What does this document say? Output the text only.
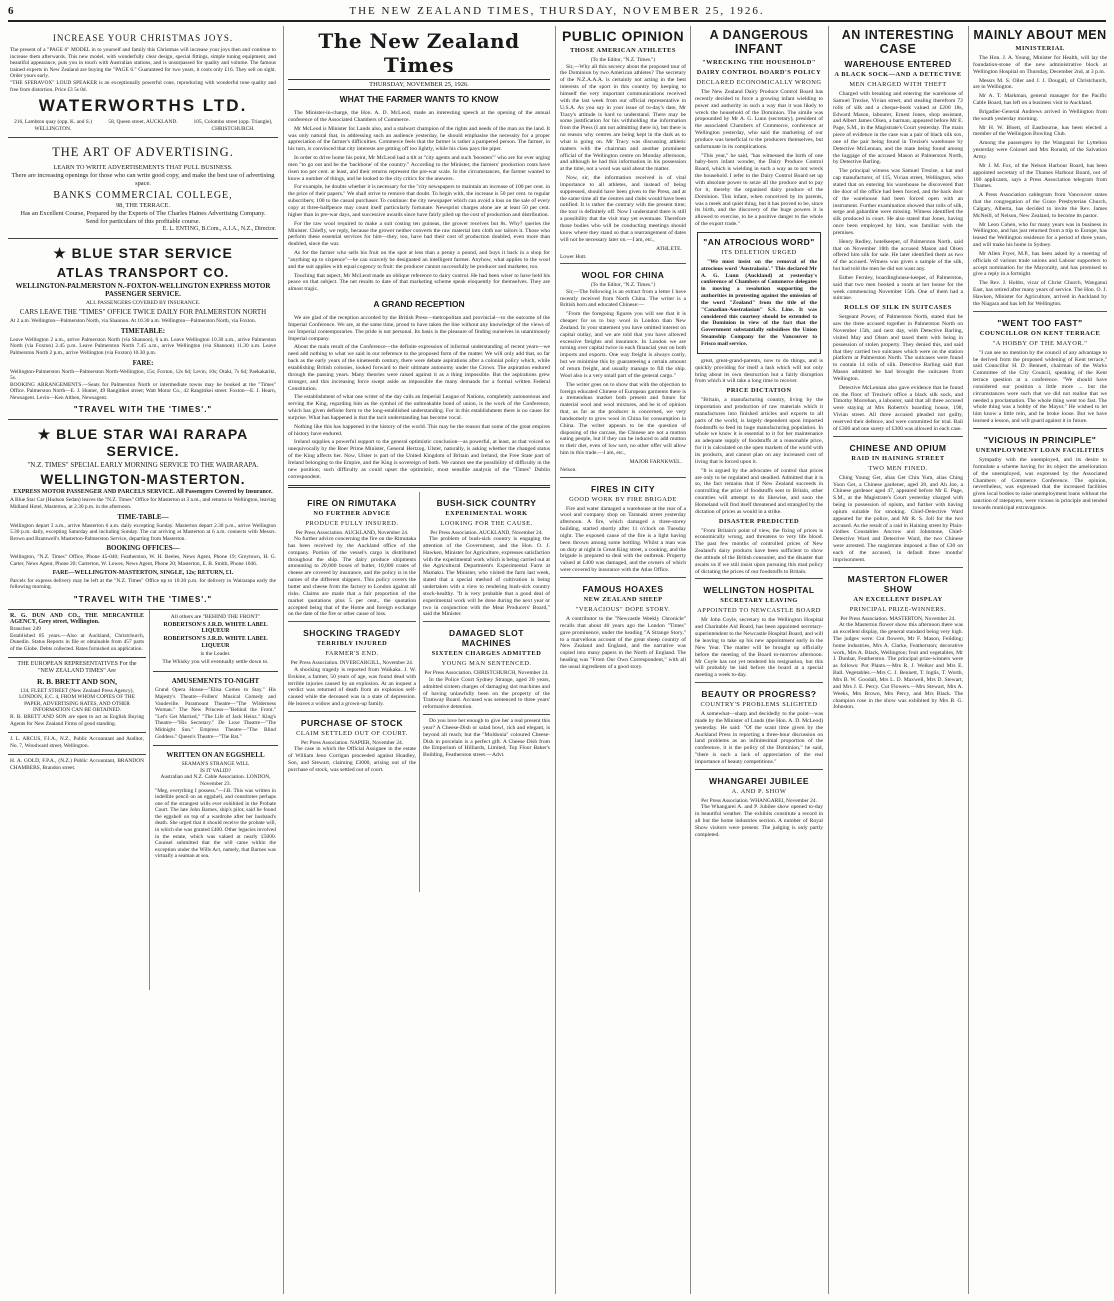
6	THE NEW ZEALAND TIMES, THURSDAY, NOVEMBER 25, 1926.
INCREASE YOUR CHRISTMAS JOYS.

The present of a "PAGE 6" MODEL in to yourself and family this Christmas will increase your joys then and continue to increase them afterwards. This new model, with wonderfully clear design, special fittings, simple tuning equipment, and beautiful appearance, puts you in touch with Australian stations, and is unsurpassed for quality and volume. The famous trained experts in New Zealand are buying the "PAGE 6." Guaranteed for two years, it costs only £16. They sell on sight. Order yours early.

"THE SFERAVOX" LOUD SPEAKER is an exceptionally powerful cone, reproducing with wonderful tone quality and free from distortion. Price £3 5s 0d.

WATERWORTHS LTD.

216, Lambton quay (opp. K. and S.) WELLINGTON.

58, Queen street, AUCKLAND.	105, Colombo street (opp. Triangle), CHRISTCHURCH.

THE ART OF ADVERTISING.

LEARN TO WRITE ADVERTISEMENTS THAT PULL BUSINESS.

There are increasing openings for those who can write good copy, and make the best use of advertising space.

BANKS COMMERCIAL COLLEGE,

98, THE TERRACE.

Has an Excellent Course, Prepared by the Experts of The Charles Haines Advertising Company.

Send for particulars of this profitable course.

E. L. ENTING, B.Com., A.I.A., N.Z., Director.

★ BLUE STAR SERVICE
ATLAS TRANSPORT CO.

WELLINGTON-PALMERSTON N.-FOXTON-WELLINGTON EXPRESS MOTOR PASSENGER SERVICE.

ALL PASSENGERS COVERED BY INSURANCE.

CARS LEAVE THE "TIMES" OFFICE TWICE DAILY FOR PALMERSTON NORTH

At 2 a.m. Wellington—Palmerston North, via Shannon. At 10.30 a.m. Wellington—Palmerston North, via Foxton.

TIMETABLE:

Leave Wellington 2 a.m., arrive Palmerston North (via Shannon), 6 a.m. Leave Wellington 10.30 a.m., arrive Palmerston North (via Foxton) 2.45 p.m. Leave Palmerston North 7.45 a.m., arrive Wellington (via Shannon) 11.30 a.m. Leave Palmerston North 2 p.m., arrive Wellington (via Foxton) 10.30 p.m.

FARE:

Wellington-Palmerston North—Palmerston North-Wellington, 15s; Foxton, 12s 6d; Levin, 10s; Otaki, 7s 6d; Paekakariki, 5s.

BOOKING ARRANGEMENTS.—Seats for Palmerston North or intermediate towns may be booked at the "Times" Office. Palmerston North—E. J. Hunter, 49 Rangitikei street; Watt Motor Co., 42 Rangitikei street. Foxton—E. J. Hearn, Newsagent. Levin—Ken Althen, Newsagent.

"TRAVEL WITH THE 'TIMES'."
★ BLUE STAR WAI RARAPA SERVICE.

"N.Z. TIMES" SPECIAL EARLY MORNING SERVICE TO THE WAIRARAPA.

WELLINGTON-MASTERTON.

EXPRESS MOTOR PASSENGER AND PARCELS SERVICE. All Passengers Covered by Insurance.

A Blue Star Car (Hudson Sedan) leaves the "N.Z. Times" Office for Masterton at 3 a.m., and returns to Wellington, leaving Midland Hotel, Masterton, at 2.30 p.m. in the afternoon.

TIME-TABLE—

Wellington depart 3 a.m., arrive Masterton 6 a.m. daily excepting Sunday. Masterton depart 2.30 p.m., arrive Wellington 5.30 p.m. daily, excepting Saturday and including Sunday. The car arriving at Masterton at 6 a.m. connects with Messrs. Brown and Bramwell's Masterton-Palmerston Service, departing from Masterton.

BOOKING OFFICES—

Wellington, "N.Z. Times" Office, Phone 45-040; Featherston, W. H. Beeles, News Agent, Phone 19; Greytown, H. G. Carter, News Agent, Phone 20; Carterton, W. Lowes, News Agent, Phone 20; Masterton, E. B. Smith, Phone 1046.

FARE—WELLINGTON-MASTERTON, SINGLE, 12s; RETURN, £1.

Parcels for express delivery may be left at the "N.Z. Times" Office up to 10.30 p.m. for delivery in Wairarapa early the following morning.

"TRAVEL WITH THE 'TIMES'."

R. G. DUN AND CO., THE MERCANTILE AGENCY, Grey street, Wellington.

Branches: 249

Established 85 years.—Also at Auckland, Christchurch, Dunedin. Status Reports in file or obtainable from 457 parts of the Globe. Debts collected. Rates furnished on application.

THE EUROPEAN REPRESENTATIVES For the "NEW ZEALAND TIMES" Are

R. B. BRETT AND SON,

134, FLEET STREET (New Zealand Press Agency), LONDON, E.C. 4, FROM WHOM COPIES OF THE PAPER, ADVERTISING RATES, AND OTHER INFORMATION CAN BE OBTAINED.

R. B. BRETT AND SON are open to act as English Buying Agents for New Zealand Firms of good standing.

J. L. ARCUS, F.I.A., N.Z., Public Accountant and Auditor, No. 7, Woodward street, Wellington.

H. A. GOLD, F.P.A., (N.Z.) Public Accountant, BRANDON CHAMBERS, Brandon street.

All others are "BEHIND THE FRONT"

ROBERTSON'S J.R.D. WHITE LABEL LIQUEUR

ROBERTSON'S J.R.D. WHITE LABEL LIQUEUR

is the Leader.

The Whisky you will eventually settle down to.

AMUSEMENTS TO-NIGHT

Grand Opera House—"Elisa Comes to Stay." His Majesty's Theatre—Fullers' Musical Comedy and Vaudeville. Paramount Theatre—"The Wilderness Woman." The New Princess—"Behind the Front." "Let's Get Married," "The Life of Jack Heinz." King's Theatre—"His Secretary." De Luxe Theatre—"The Midnight Sun." Empress Theatre—"The Blind Goddess." Queen's Theatre—"The Bat."

WRITTEN ON AN EGGSHELL

SEAMAN'S STRANGE WILL

IS IT VALID?

Australian and N.Z. Cable Association. LONDON, November 23.

"Meg, everything I possess."—J.B. This was written in indelible pencil on an eggshell, and constitutes perhaps one of the strangest wills ever exhibited in the Probate Court. The late John Barnes, ship's pilot, said he found the eggshell on top of a wardrobe after her husband's death. She urged that it should receive the probate will, in which she was granted £400. Other legacies involved in the estate, which was valued at nearly £5000. Counsel submitted that the will came within the exception under the Wills Act, namely, that Barnes was virtually a seaman at sea.

The New Zealand Times
THURSDAY, NOVEMBER 25, 1926.
WHAT THE FARMER WANTS TO KNOW

The Minister-in-charge, the Hon. A. D. McLeod, made an interesting speech at the opening of the annual conference of the Associated Chambers of Commerce.

Mr McLeod is Minister for Lands also, and a stalwart champion of the rights and needs of the man on the land. It was only natural that, in addressing such an audience yesterday, he should emphasise the necessity for a proper appreciation of the farmer's difficulties. Commerce feels that the farmer is rather a pampered person. The farmer, in his turn, is convinced that city interests are getting off too lightly, while his class pays the piper.

In order to drive home his point, Mr McLeod had a tilt at "city agents and such 'boosters'" who are for ever urging men "to go out and be the 'backbone' of the country." According to the Minister, the farmers' production costs have risen too per cent. at least, and their returns represent the pre-war scale. In the circumstances, the farmer wanted to know a number of things, and he looked to the city critics for the answers.

For example, he doubts whether it is necessary for the "city newspapers to maintain an increase of 100 per cent. in the price of their papers." We shall strive to remove that doubt. To begin with, the increase is 50 per cent. to regular subscribers; 100 to the casual purchaser. To continue: the city newspaper which can avoid a loss on the sale of every copy at three-halfpence may count itself particularly fortunate. Newsprint charges alone are at least 50 per cent. higher than in pre-war days, and successive awards since have fairly piled up the cost of production and distribution.

For the raw wool required to make a suit costing ten guineas, the grower receives but 8s. Why? queries the Minister. Chiefly, we reply, because the grower neither converts the raw material into cloth nor tailors it. Those who perform these essential services for him—they, too, have had their cost of production doubled, even more than doubled, since the war.

As for the farmer who sells his fruit on the spot at less than a penny a pound, and buys it back in a shop for "anything up to sixpence"—he can scarcely be designated an intelligent farmer. Anyhow, what applies to the wool and the suit applies with equal cogency to fruit: the producer cannot successfully be producer and marketer, too.

Touching that aspect, Mr McLeod made an oblique reference to dairy control. He had been wiser to have held his peace on that subject. The net results to date of that marketing scheme speak eloquently for themselves. They are almost tragic.

A GRAND RECEPTION

We are glad of the reception accorded by the British Press—metropolitan and provincial—to the outcome of the Imperial Conference. We are, at the same time, proud to have taken the line without any knowledge of the views of our Imperial contemporaries. The pride is not personal. Its basis is the pleasure of finding ourselves in unanimously Imperial company.

About the main result of the Conference—the definite expression of informal understanding of recent years—we need add nothing to what we said in our reference to the proposed form of the matter. We will only add that, so far back as the early years of the nineteenth century, there were debate aspirations after a colonial policy which, while establishing British colonies, looked forward to their ultimate autonomy under the Crown. The aspiration endured through the passing years. Many theories were raised against it as a thing impossible. But the aspirations grew stronger, and this increasing force swept aside as impossible the many demands for a formal written Federal Constitution.

The establishment of what one writer of the day calls an Imperial League of Nations, completely autonomous and serving the King, regarding him as the symbol of the unbreakable bond of union, is the work of the Conference, which has given definite form to the long-established understanding. For in this establishment there is no cause for surprise. What has happened is that the tacit understanding has become vocal.

Nothing like this has happened in the history of the world. This may be the reason that some of the great empires of history have endured.

Ireland supplies a powerful support to the general optimistic conclusion—as powerful, at least, as that voiced so unequivocally by the Boer Prime Minister, General Hertzog. Ulster, naturally, is asking whether the changed status of the King affects her. Now, Ulster is part of the United Kingdom of Britain and Ireland, the Free State part of Ireland belonging to the Empire, and the King is sovereign of both. We cannot see the possibility of difficulty in the new position; such difficulty as could upset the optimistic, most sensible analysis of the "Times" Dublin correspondent.

FIRE ON RIMUTAKA
NO FURTHER ADVICE
PRODUCE FULLY INSURED.

Per Press Association. AUCKLAND, November 24.

No further advice concerning the fire on the Rimutaka has been received by the Auckland office of the company. Portion of the vessel's cargo is distributed throughout the ship. The dairy produce shipments amounting to 20,000 boxes of butter, 10,000 crates of cheese are covered by insurance, and the policy is in the names of the different shippers. This policy covers the butter and cheese from the factory to London against all risks. Claims are made that a fair proportion of the market quotations plus 5 per cent., the quotation accepted being that of the Home and foreign exchange on the date of the fire or other cause of loss.

SHOCKING TRAGEDY
TERRIBLY INJURED
FARMER'S END.

Per Press Association. INVERCARGILL, November 24.

A shocking tragedy is reported from Waikaka. J. W. Erskine, a farmer, 50 years of age, was found dead with terrible injuries caused by an explosion. At an inquest a verdict was returned of death from an explosion self-caused while the deceased was in a state of depression. He leaves a widow and a grown-up family.

PURCHASE OF STOCK
CLAIM SETTLED OUT OF COURT.

Per Press Association. NAPIER, November 24.

The case in which the Official Assignee in the estate of William Jeno Corrigan proceeded against Hoadley, Son, and Stewart, claiming £3000, arising out of the purchase of stock, was settled out of court.

BUSH-SICK COUNTRY
EXPERIMENTAL WORK
LOOKING FOR THE CAUSE.

Per Press Association. AUCKLAND, November 24.

The problem of bush-sick country is engaging the attention of the Government, and the Hon. O. J. Hawken, Minister for Agriculture, expresses satisfaction with the experimental work which is being carried out at the Agricultural Department's Experimental Farm at Mamaku. The Minister, who visited the farm last week, stated that a special method of cultivation is being undertaken with a view to rendering bush-sick country stock-healthy. "It is very probable that a good deal of experimental work will be done during the next year or two in conjunction with the Meat Producers' Board," said the Minister.

DAMAGED SLOT MACHINES
SIXTEEN CHARGES ADMITTED
YOUNG MAN SENTENCED.

Per Press Association. CHRISTCHURCH, November 24.

In the Police Court Sydney Strange, aged 20 years, admitted sixteen charges of damaging slot machines and of having unlawfully been on the property of the Tramway Board. Accused was sentenced to three years' reformative detention.

Do you love her enough to give her a real present this year? A Cheese-Dish or salad bowl, rich and elegant, is beyond all reach; but the "Moldonia" coloured Cheese-Dish in porcelain is a perfect gift. A Cheese Dish from the Emporium of Hilliards, Limited, Top Floor Baker's Building, Featherston street.—Advt.

PUBLIC OPINION
THOSE AMERICAN ATHLETES

(To the Editor, "N.Z. Times.")

Sir,—Why all this secrecy about the proposed tour of the Dominion by two American athletes? The secretary of the N.Z.A.A.A. is certainly not acting in the best interests of the sport in this country by keeping to himself the very important communications received with the last week from our official representative in U.S.A. As you say in your issue of to-day's date, Mr Tracy's attitude is hard to understand. There may be some justification for his withholding the information from the Press (I am not admitting there is), but there is no reason why centres are being kept in the dark as to what is going on. Mr Tracy was discussing athletic matters with the chairman and another prominent official of the Wellington centre on Monday afternoon, and although he had this information in his possession at the time, not a word was said about the matter.

Now, sir, the information received is of vital importance to all athletes, and instead of being suppressed, should have been given to the Press, and at the same time all the centres and clubs would have been notified. It is rather the contrary with the present time; the tour is definitely off. Now I understand there is still a possibility that the visit may yet eventuate. Therefore those bodies who will be conducting meetings should know where they stand so that a rearrangement of dates will not be necessary later on.—I am, etc.,

ATHLETE.

Lower Hutt.

WOOL FOR CHINA

(To the Editor, "N.Z. Times.")

Sir,—The following is an extract from a letter I have recently received from North China. The writer is a British born and educated Chinese:—

"From the foregoing figures you will see that it is cheaper for us to buy wool in London than New Zealand. In your statement you have omitted interest on capital outlay, and we are told that you have allowed excessive freights and insurance. In London we are turning over capital twice in each financial year on both imports and exports. One way freight is always costly, but we minimise this by guaranteeing a certain amount of return freight, and usually manage to fill the ship. Wool also is a very small part of the general cargo."

The writer goes on to show that with the objection to foreign educated Chinese of European garments there is a tremendous market both present and future for material wool and wool mixtures, and he is of opinion that, as far as the producer is concerned, we very handsomely to grow wool in China for consumption in China. The writer appears to be the question of disposing of the carcase, the Chinese are not a mutton eating people, but if they can be induced to add mutton to their diet, even of low sort, no other offer will allow him in this trade.—I am, etc.,

MAJOR FARNKWEL.

Nelson.

FIRES IN CITY
GOOD WORK BY FIRE BRIGADE

Fire and water damaged a warehouse at the rear of a wool and company shop on Taranaki street yesterday afternoon. A fire, which damaged a three-storey building, started shortly after 11 o'clock on Tuesday night. The exposed cause of the fire is a light having been thrown among some bottling. Whilst a man was on duty at night in Great King street, a cooking, and the brigade is prepared to deal with the outbreak. Property valued at £400 was damaged, and the owners of which were covered by insurance with the Atlas Office.

FAMOUS HOAXES
NEW ZEALAND SHEEP
"VERACIOUS" DOPE STORY.

A contributor to the "Newcastle Weekly Chronicle" recalls that about 40 years ago the London "Times" gave prominence, under the heading "A Strange Story," to a marvellous account of the great sheep country of New Zealand and England, and the narrative was copied into many papers in the North of England. The heading was "From Our Own Correspondent," with all the usual ingredients of a good story.

A DANGEROUS INFANT
"WRECKING THE HOUSEHOLD"
DAIRY CONTROL BOARD'S POLICY
DECLARED ECONOMICALLY WRONG

The New Zealand Dairy Produce Control Board has recently decided to force a growing infant wielding to power and authority in such a way that it was likely to wreck the household of the Dominion. The simile was propounded by Mr A. G. Lunn (secretary), president of the associated Chambers of Commerce, conference at Wellington yesterday, who said the marketing of our produce was beneficial to the producers themselves, but unfortunate in its complications.

"This year," he said, "has witnessed the birth of one baby-born infant wonder, the Dairy Produce Control Board, which is wielding in such a way as to not wreck the household. I refer to the Dairy Control Board set up with absolute power to seize all the produce and to pay for it, thereby the organised dairy produce of the Dominion. This infant, when conceived by its parents, was a meek and quiet thing, but it has proved to be, since its birth, and the discovery of the huge powers it is allowed to exercise, to be a positive danger to the whole of the export trade."

"AN ATROCIOUS WORD"
ITS DELETION URGED

"We must insist on the removal of the atrocious word 'Australasia'." This declared Mr A. G. Lunn (Auckland) at yesterday's conference of Chambers of Commerce delegates in moving a resolution supporting the authorities in protesting against the omission of the word "Zealand" from the title of the "Canadian-Australasian" S.S. Line. It was considered this courtesy should be extended to the Dominion in view of the fact that the Government substantially subsidises the Union Steamship Company for the Vancouver to Frisco mail service.

great, great-grand-parents, now to do things, and is quickly providing for itself a lash which will not only bring about its own destruction but a fairly disruption from which it will take a long time to recover.

PRICE DICTATION

"Britain, a manufacturing country, living by the importation and production of raw materials which it manufactures into finished articles and exports to all parts of the world, is largely dependent upon imported foodstuffs to feed its huge manufacturing population. In whole we know it is essential to it for her maintenance an adequate supply of foodstuffs at a reasonable price, for it is calculated on the open markets of the world with its products, and cannot plan on any increased cost of living that is forced upon it.

"It is argued by the advocates of control that prices are only to be regulated and steadied. Admitted that it is so, the fact remains that if New Zealand succeeds in controlling the price of foodstuffs sent to Britain, other countries will attempt to do likewise, and soon the Homeland will find itself threatened and strangled by the dictation of prices as would in a strike.

DISASTER PREDICTED

"From Britain's point of view, the fixing of prices is economically wrong, and threatens to very life blood. The past few months of controlled prices of New Zealand's dairy products have been sufficient to show the attitude of the British consumer, and the disaster that awaits us if we still insist upon pursuing this mad policy of dictating the prices of our foodstuffs to Britain.

WELLINGTON HOSPITAL
SECRETARY LEAVING
APPOINTED TO NEWCASTLE BOARD

Mr John Coyle, secretary to the Wellington Hospital and Charitable Aid Board, has been appointed secretary-superintendent to the Newcastle Hospital Board, and will be leaving to take up his new appointment early in the New Year. The matter will be brought up officially before the meeting of the Board to-morrow afternoon. Mr Coyle has not yet tendered his resignation, but this will probably be laid before the board at a special meeting a week to-day.

BEAUTY OR PROGRESS?
COUNTRY'S PROBLEMS SLIGHTED

A somewhat—sharp and decidedly to the point—was made by the Minister of Lands (the Hon. A. D. McLeod) yesterday. He said: "Of the scant time given by the Auckland Press in reporting a three-hour discussion on land problems as an infinitesimal proportion of the conference, it is the policy of the Dominion," he said, "there is such a lack of appreciation of the real importance of beauty competitions."

WHANGAREI JUBILEE
A. AND P. SHOW

Per Press Association. WHANGAREI, November 24.

The Whangarei A. and P. Jubilee show opened to-day in beautiful weather. The exhibits constitute a record in all but the home industries section. A number of Royal Show visitors were present. The judging is only partly completed.

AN INTERESTING CASE
WAREHOUSE ENTERED
A BLACK SOCK—AND A DETECTIVE
MEN CHARGED WITH THEFT

Charged with breaking and entering the warehouse of Samuel Trezise, Vivian street, and stealing therefrom 72 rolls of silk and a cheque-book valued at £200 18s, Edward Mason, labourer, Ernest Jones, shop assistant, and Albert James Olsen, a barman, appeared before Mr E. Page, S.M., in the Magistrate's Court yesterday. The main piece of evidence in the case was a pair of black silk sox, one of the pair being found in Trezise's warehouse by Detective McLennan, and the mate being found among the luggage of the accused Mason at Palmerston North, by Detective Barling.

The principal witness was Samuel Trezise, a hat and cap manufacturer, of 115, Vivian street, Wellington, who stated that on entering his warehouse he discovered that the door of the office had been forced, and the back door of the warehouse had been forced open with an instrument. Further examination showed that rolls of silk, serge and gabardine were missing. Witness identified the silk produced in court. He also stated that Jones, having once been employed by him, was familiar with the premises.

Henry Redley, hotelkeeper, of Palmerston North, said that on November 18th the accused Mason and Olsen offered him silk for sale. He later identified them as two of the accused. Witness was given a sample of the silk, but had told the men he did not want any.

Esther Fernley, boardinghouse-keeper, of Palmerston, said that two men booked a room at her house for the week commencing November 15th. One of them had a suitcase.

ROLLS OF SILK IN SUITCASES

Sergeant Power, of Palmerston North, stated that he saw the three accused together in Palmerston North on November 15th, and next day, with Detective Barling, visited May and Olsen and taxed them with being in possession of stolen property. They denied this, and said that they carried two suitcases which were on the station platform at Palmerston North. The suitcases were found to contain 14 rolls of silk. Detective Barling said that Mason admitted he had brought the suitcases from Wellington.

Detective McLennan also gave evidence that he found on the floor of Trezise's office a black silk sock, and Timothy Morrehan, a labourer, said that all three accused were staying at Mrs Roberts's boarding house, 198, Vivian street. All three accused pleaded not guilty, reserved their defence, and were committed for trial. Bail of £300 and one surety of £300 was allowed in each case.

CHINESE AND OPIUM
RAID IN HAINING STREET
TWO MEN FINED.

Ching Young Get, alias Get Chin Yum, alias Ching Yoon Get, a Chinese gardener, aged 28, and Ah Joe, a Chinese gardener aged 47, appeared before Mr E. Page, S.M., at the Magistrate's Court yesterday charged with being in possession of opium, and further with having opium suitable for smoking. Chief-Detective Ward appeared for the police, and Mr R. S. Joll for the two accused. As the result of a raid in Haining street by Plain-clothes Constables Ancrow and Johnstone, Chief-Detective Ward and Detective Ward, the two Chinese were arrested. The magistrate imposed a fine of £30 on each of the accused, in default three months' imprisonment.

MASTERTON FLOWER SHOW
AN EXCELLENT DISPLAY
PRINCIPAL PRIZE-WINNERS.

Per Press Association. MASTERTON, November 24.

At the Masterton flower show this afternoon there was an excellent display, the general standard being very high. The judges were: Cut flowers, Mr F. Mason, Feilding; home industries, Mrs A. Clarke, Featherston; decorative work, Mrs A. Black, Wellington; fruit and vegetables, Mr J. Dunbar, Featherston. The principal prize-winners were as follows: Pot Plants.—Mrs R. J. Welker and Mrs E. Ball. Vegetables.—Mrs C. J. Bennett, T. Inglis, T. Worth, Mrs B. W. Goodall, Mrs L. D. Maxwell, Mrs D. Stewart, and Mrs J. E. Percy. Cut Flowers.—Mrs Stewart, Mrs A. Weeks, Mrs Brown, Mrs Percy, and Mrs Black. The champion rose in the show was exhibited by Mrs B. G. Johnston.

MAINLY ABOUT MEN
MINISTERIAL

The Hon. J. A. Young, Minister for Health, will lay the foundation-stone of the new administrative block at Wellington Hospital on Thursday, December 2nd, at 3 p.m.

Messrs M. S. Oiler and J. J. Dougall, of Christchurch, are in Wellington.

Mr A. T. Markman, general manager for the Pacific Cable Board, has left on a business visit to Auckland.

Brigadier-General Andrews arrived in Wellington from the south yesterday morning.

Mr H. W. Bloett, of Eastbourne, has been elected a member of the Wellington Bowling Club.

Among the passengers by the Wanganui for Lyttelton yesterday were Colonel and Mrs Ronald, of the Salvation Army.

Mr J. M. Fox, of the Nelson Harbour Board, has been appointed secretary of the Thames Harbour Board, out of 100 applicants, says a Press Association telegram from Thames.

A Press Association cablegram from Vancouver states that the congregation of the Grace Presbyterian Church, Calgary, Alberta, has decided to invite the Rev. James McNeill, of Nelson, New Zealand, to become its pastor.

Mr Leon Cohen, who for many years was in business in Wellington, and has just returned from a trip to Europe, has leased the Wellington residence for a period of three years, and will make his home in Sydney.

Mr Allen Fryer, M.P., has been asked by a meeting of officials of various trade unions and Labour supporters to accept nomination for the Mayoralty, and has promised to give a reply in a fortnight.

The Rev. J. Hobbs, vicar of Christ Church, Wanganui East, has retired after many years of service. The Hon. O. J. Hawken, Minister for Agriculture, arrived in Auckland by the Niagara and has left for Wellington.

"WENT TOO FAST"
COUNCILLOR ON KENT TERRACE
"A HOBBY OF THE MAYOR."

"I can see no mention by the council of any advantage to be derived from the proposed widening of Kent terrace," said Councillor H. D. Bennett, chairman of the Works Committee of the City Council, speaking of the Kent terrace question at a conference. "We should have considered our position a little more ... but the circumstances were such that we did not realise that we needed a proclamation. The whole thing went too fast. The whole thing was a hobby of the Mayor." He wished to let him know a little rein, and he broke loose. But we have learned a lesson, and will guard against it in future.

"VICIOUS IN PRINCIPLE"
UNEMPLOYMENT LOAN FACILITIES

Sympathy with the unemployed, and its desire to formulate a scheme having for its object the amelioration of the unemployed, was expressed by the Associated Chambers of Commerce Conference. The opinion, nevertheless, was expressed that the increased facilities given local bodies to raise unemployment loans without the sanction of ratepayers, were vicious in principle and tended towards municipal extravagance.
